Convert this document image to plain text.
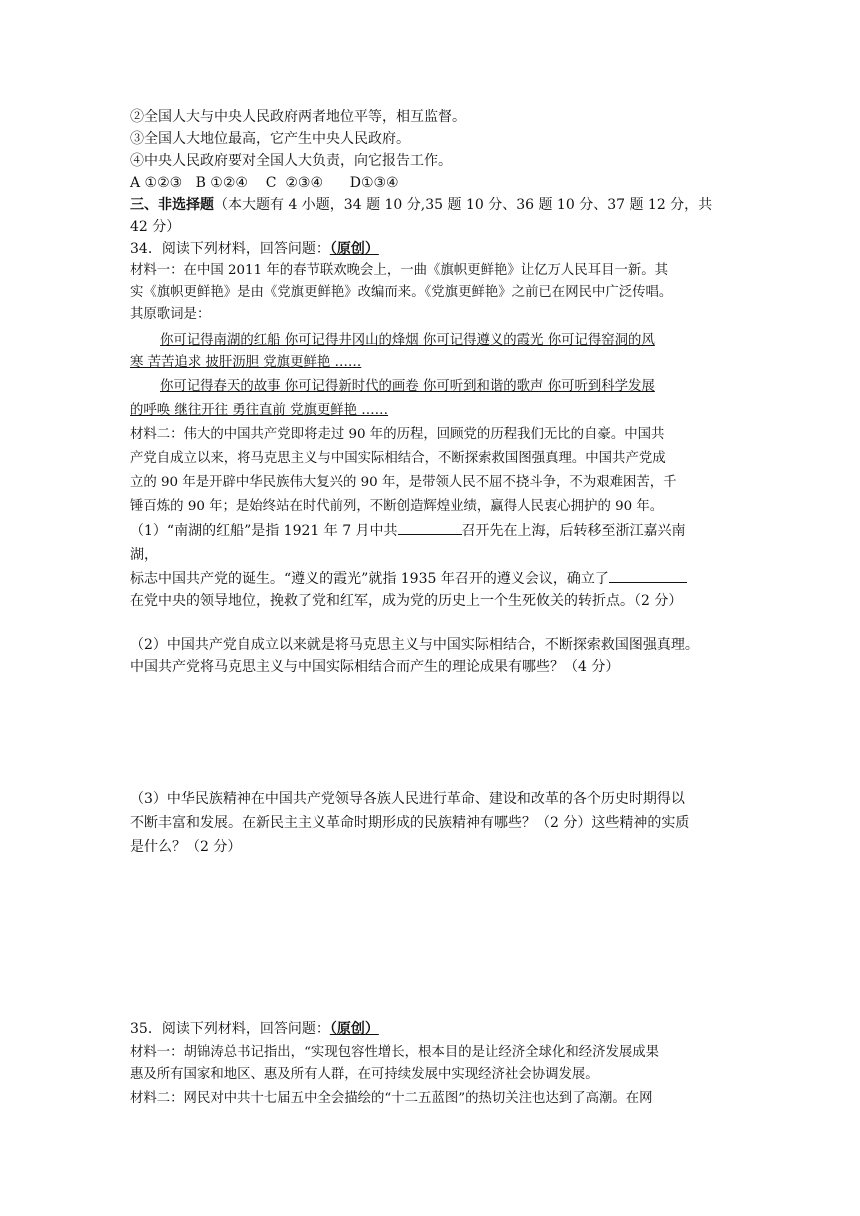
②全国人大与中央人民政府两者地位平等，相互监督。

③全国人大地位最高，它产生中央人民政府。

④中央人民政府要对全国人大负责，向它报告工作。

A ①②③   B ①②④    C  ②③④      D①③④

三、非选择题（本大题有 4 小题，34 题 10 分,35 题 10 分、36 题 10 分、37 题 12 分，共

42 分）

34．阅读下列材料，回答问题：（原创）

材料一：在中国 2011 年的春节联欢晚会上，一曲《旗帜更鲜艳》让亿万人民耳目一新。其

实《旗帜更鲜艳》是由《党旗更鲜艳》改编而来。《党旗更鲜艳》之前已在网民中广泛传唱。

其原歌词是：

你可记得南湖的红船 你可记得井冈山的烽烟 你可记得遵义的霞光 你可记得窑洞的风

寒 苦苦追求 披肝沥胆 党旗更鲜艳 ……

你可记得春天的故事 你可记得新时代的画卷 你可听到和谐的歌声 你可听到科学发展

的呼唤 继往开往 勇往直前 党旗更鲜艳 ……

材料二：伟大的中国共产党即将走过 90 年的历程，回顾党的历程我们无比的自豪。中国共

产党自成立以来，将马克思主义与中国实际相结合，不断探索救国图强真理。中国共产党成

立的 90 年是开辟中华民族伟大复兴的 90 年，是带领人民不屈不挠斗争，不为艰难困苦，千

锤百炼的 90 年；是始终站在时代前列，不断创造辉煌业绩，赢得人民衷心拥护的 90 年。

（1）“南湖的红船”是指 1921 年 7 月中共	召开先在上海，后转移至浙江嘉兴南

湖，

标志中国共产党的诞生。“遵义的霞光”就指 1935 年召开的遵义会议，确立了

在党中央的领导地位，挽救了党和红军，成为党的历史上一个生死攸关的转折点。（2 分）

（2）中国共产党自成立以来就是将马克思主义与中国实际相结合，不断探索救国图强真理。

中国共产党将马克思主义与中国实际相结合而产生的理论成果有哪些？（4 分）

（3）中华民族精神在中国共产党领导各族人民进行革命、建设和改革的各个历史时期得以

不断丰富和发展。在新民主主义革命时期形成的民族精神有哪些？（2 分）这些精神的实质

是什么？（2 分）

35．阅读下列材料，回答问题：（原创）

材料一：胡锦涛总书记指出，“实现包容性增长，根本目的是让经济全球化和经济发展成果

惠及所有国家和地区、惠及所有人群，在可持续发展中实现经济社会协调发展。

材料二：网民对中共十七届五中全会描绘的“十二五蓝图”的热切关注也达到了高潮。在网
